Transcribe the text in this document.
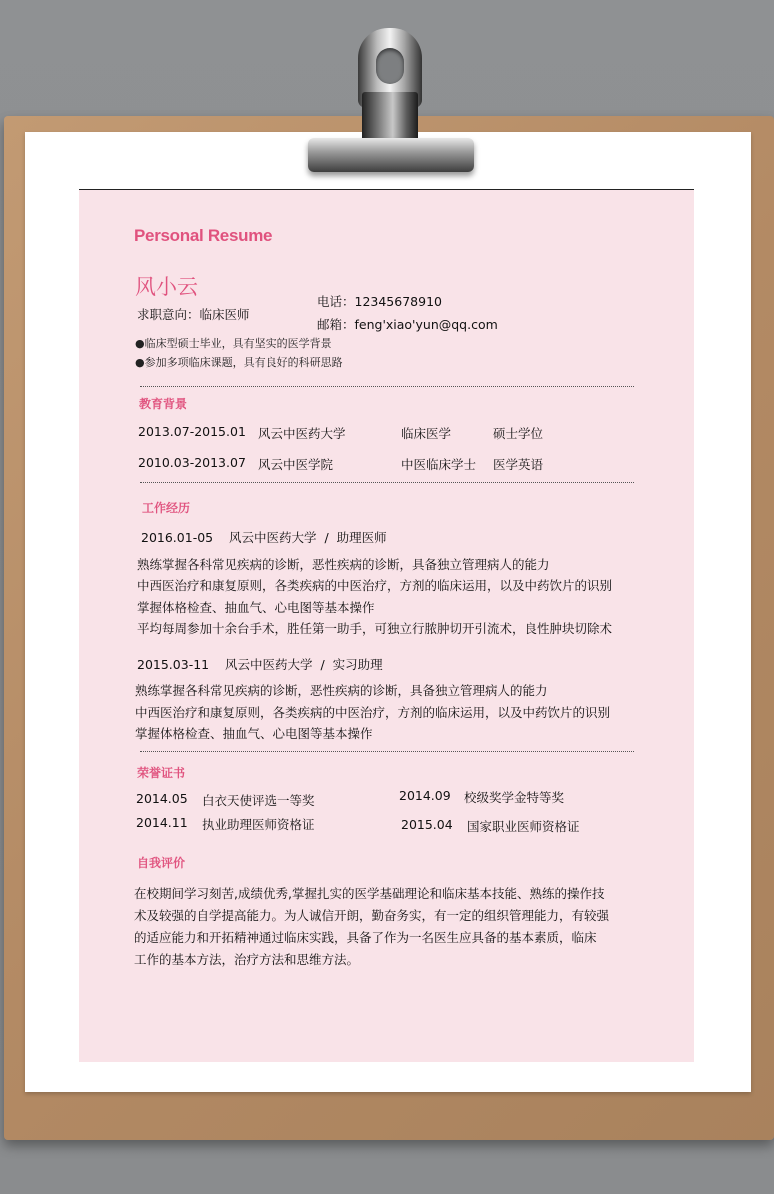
Personal Resume
风小云
求职意向：临床医师
电话：12345678910
邮箱：feng'xiao'yun@qq.com
●临床型硕士毕业，具有坚实的医学背景
●参加多项临床课题，具有良好的科研思路
教育背景
2013.07-2015.01 风云中医药大学	临床医学	硕士学位
2010.03-2013.07 风云中医学院	中医临床学士 医学英语
工作经历
2016.01-05    风云中医药大学  /  助理医师
熟练掌握各科常见疾病的诊断，恶性疾病的诊断，具备独立管理病人的能力
中西医治疗和康复原则，各类疾病的中医治疗，方剂的临床运用，以及中药饮片的识别
掌握体格检查、抽血气、心电图等基本操作
平均每周参加十余台手术，胜任第一助手，可独立行脓肿切开引流术，良性肿块切除术
2015.03-11    风云中医药大学  /  实习助理
熟练掌握各科常见疾病的诊断，恶性疾病的诊断，具备独立管理病人的能力
中西医治疗和康复原则，各类疾病的中医治疗，方剂的临床运用，以及中药饮片的识别
掌握体格检查、抽血气、心电图等基本操作
荣誉证书
2014.05 白衣天使评选一等奖	2014.09 校级奖学金特等奖
2014.11 执业助理医师资格证	2015.04 国家职业医师资格证
自我评价
在校期间学习刻苦,成绩优秀,掌握扎实的医学基础理论和临床基本技能、熟练的操作技
术及较强的自学提高能力。为人诚信开朗，勤奋务实，有一定的组织管理能力，有较强
的适应能力和开拓精神通过临床实践，具备了作为一名医生应具备的基本素质，临床
工作的基本方法，治疗方法和思维方法。
